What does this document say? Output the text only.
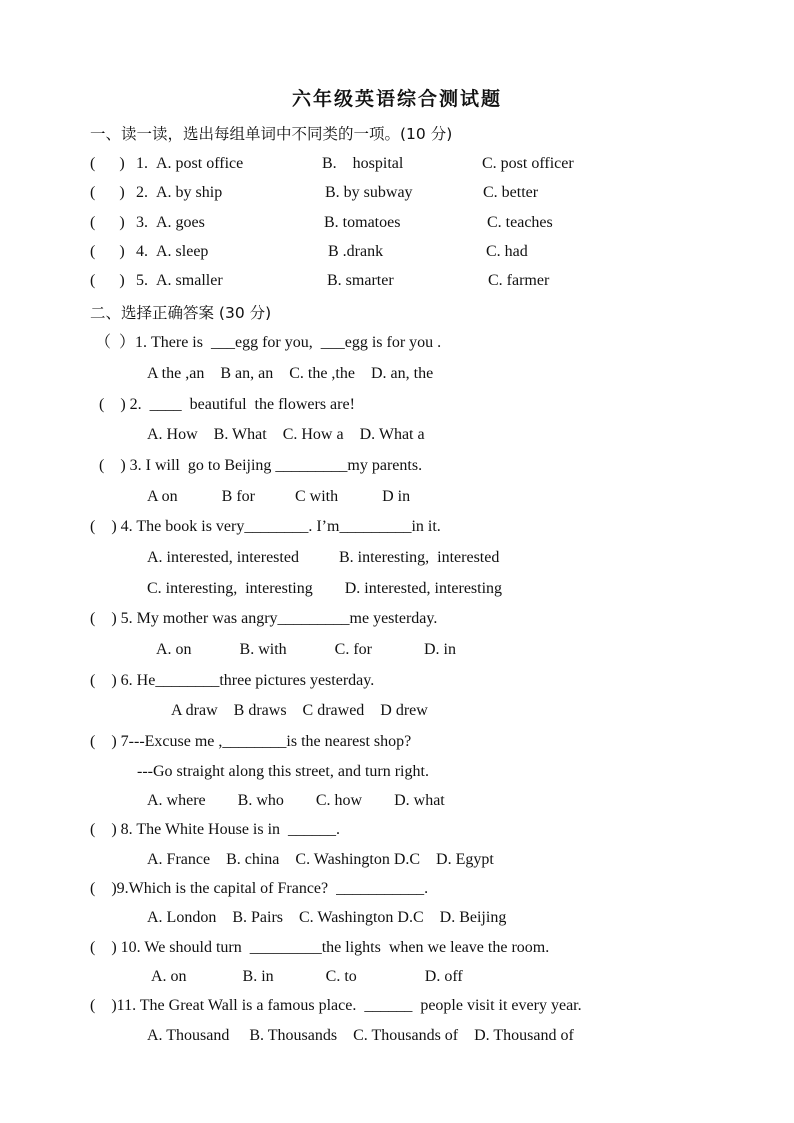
六年级英语综合测试题
一、读一读，选出每组单词中不同类的一项。(10 分)
(      ) 1. A. post office	B.    hospital	C. post officer
(      ) 2. A. by ship	B. by subway	C. better
(      ) 3. A. goes	B. tomatoes	C. teaches
(      ) 4. A. sleep	B .drank	C. had
(      ) 5. A. smaller	B. smarter	C. farmer
二、选择正确答案 (30 分)
（  ）1. There is  ___egg for you,  ___egg is for you .
A the ,an    B an, an    C. the ,the    D. an, the
(    ) 2.  ____  beautiful  the flowers are!
A. How    B. What    C. How a    D. What a
(    ) 3. I will  go to Beijing _________my parents.
A on           B for          C with           D in
(    ) 4. The book is very________. I’m_________in it.
A. interested, interested          B. interesting,  interested
C. interesting,  interesting        D. interested, interesting
(    ) 5. My mother was angry_________me yesterday.
A. on            B. with            C. for             D. in
(    ) 6. He________three pictures yesterday.
A draw    B draws    C drawed    D drew
(    ) 7---Excuse me ,________is the nearest shop?
---Go straight along this street, and turn right.
A. where        B. who        C. how        D. what
(    ) 8. The White House is in  ______.
A. France    B. china    C. Washington D.C    D. Egypt
(    )9.Which is the capital of France?  ___________.
A. London    B. Pairs    C. Washington D.C    D. Beijing
(    ) 10. We should turn  _________the lights  when we leave the room.
A. on              B. in             C. to                 D. off
(    )11. The Great Wall is a famous place.  ______  people visit it every year.
A. Thousand     B. Thousands    C. Thousands of    D. Thousand of
